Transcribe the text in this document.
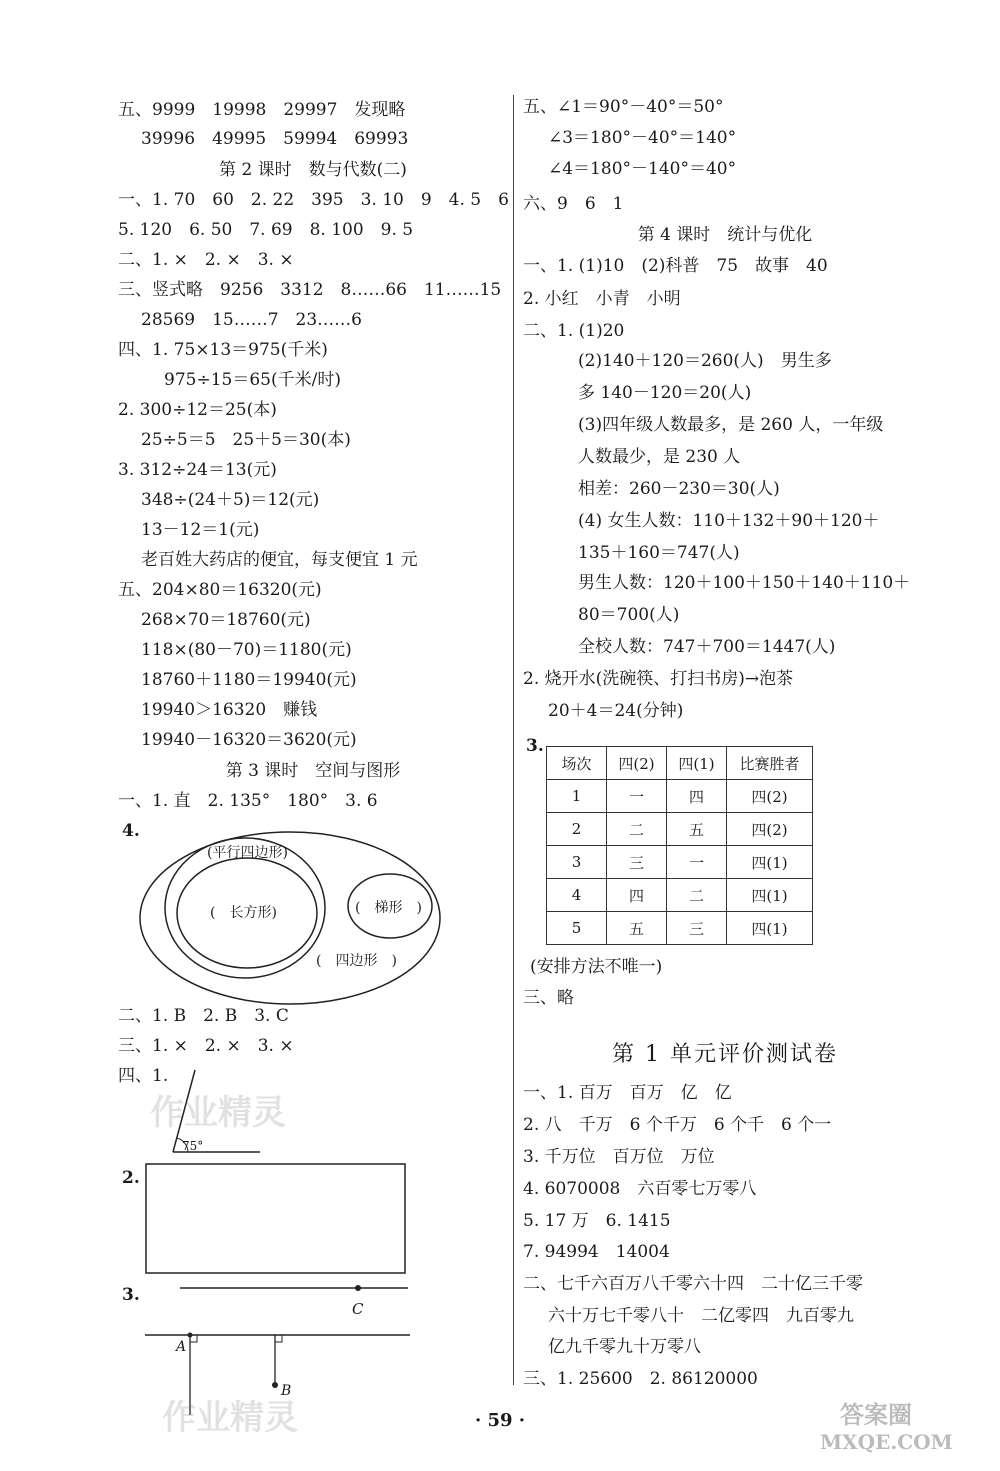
五、9999　19998　29997　发现略
39996　49995　59994　69993
第 2 课时　数与代数(二)
一、1. 70　60　2. 22　395　3. 10　9　4. 5　6
5. 120　6. 50　7. 69　8. 100　9. 5
二、1. ×　2. ×　3. ×
三、竖式略　9256　3312　8……66　11……15
28569　15……7　23……6
四、1. 75×13＝975(千米)
975÷15＝65(千米/时)
2. 300÷12＝25(本)
25÷5＝5　25＋5＝30(本)
3. 312÷24＝13(元)
348÷(24＋5)＝12(元)
13－12＝1(元)
老百姓大药店的便宜，每支便宜 1 元
五、204×80＝16320(元)
268×70＝18760(元)
118×(80－70)＝1180(元)
18760＋1180＝19940(元)
19940＞16320　赚钱
19940－16320＝3620(元)
第 3 课时　空间与图形
一、1. 直　2. 135°　180°　3. 6
4.
(平行四边形)
(　长方形)	(　梯形　)
(　四边形　)
二、1. B　2. B　3. C
三、1. ×　2. ×　3. ×
四、1.
75°
2.
3.
C
A
B
五、∠1＝90°－40°＝50°
∠3＝180°－40°＝140°
∠4＝180°－140°＝40°
六、9　6　1
第 4 课时　统计与优化
一、1. (1)10　(2)科普　75　故事　40
2. 小红　小青　小明
二、1. (1)20
(2)140＋120＝260(人)　男生多
多 140－120＝20(人)
(3)四年级人数最多，是 260 人，一年级
人数最少，是 230 人
相差：260－230＝30(人)
(4) 女生人数：110＋132＋90＋120＋
135＋160＝747(人)
男生人数：120＋100＋150＋140＋110＋
80＝700(人)
全校人数：747＋700＝1447(人)
2. 烧开水(洗碗筷、打扫书房)→泡茶
20＋4＝24(分钟)
3.
场次	四(2)	四(1)	比赛胜者
1	一	四	四(2)
2	二	五	四(2)
3	三	一	四(1)
4	四	二	四(1)
5	五	三	四(1)
(安排方法不唯一)
三、略
第 1 单元评价测试卷
一、1. 百万　百万　亿　亿
2. 八　千万　6 个千万　6 个千　6 个一
3. 千万位　百万位　万位
4. 6070008　六百零七万零八
5. 17 万　6. 1415
7. 94994　14004
二、七千六百万八千零六十四　二十亿三千零
六十万七千零八十　二亿零四　九百零九
亿九千零九十万零八
三、1. 25600　2. 86120000
作业精灵
作业精灵	答案圈
MXQE.COM
· 59 ·
